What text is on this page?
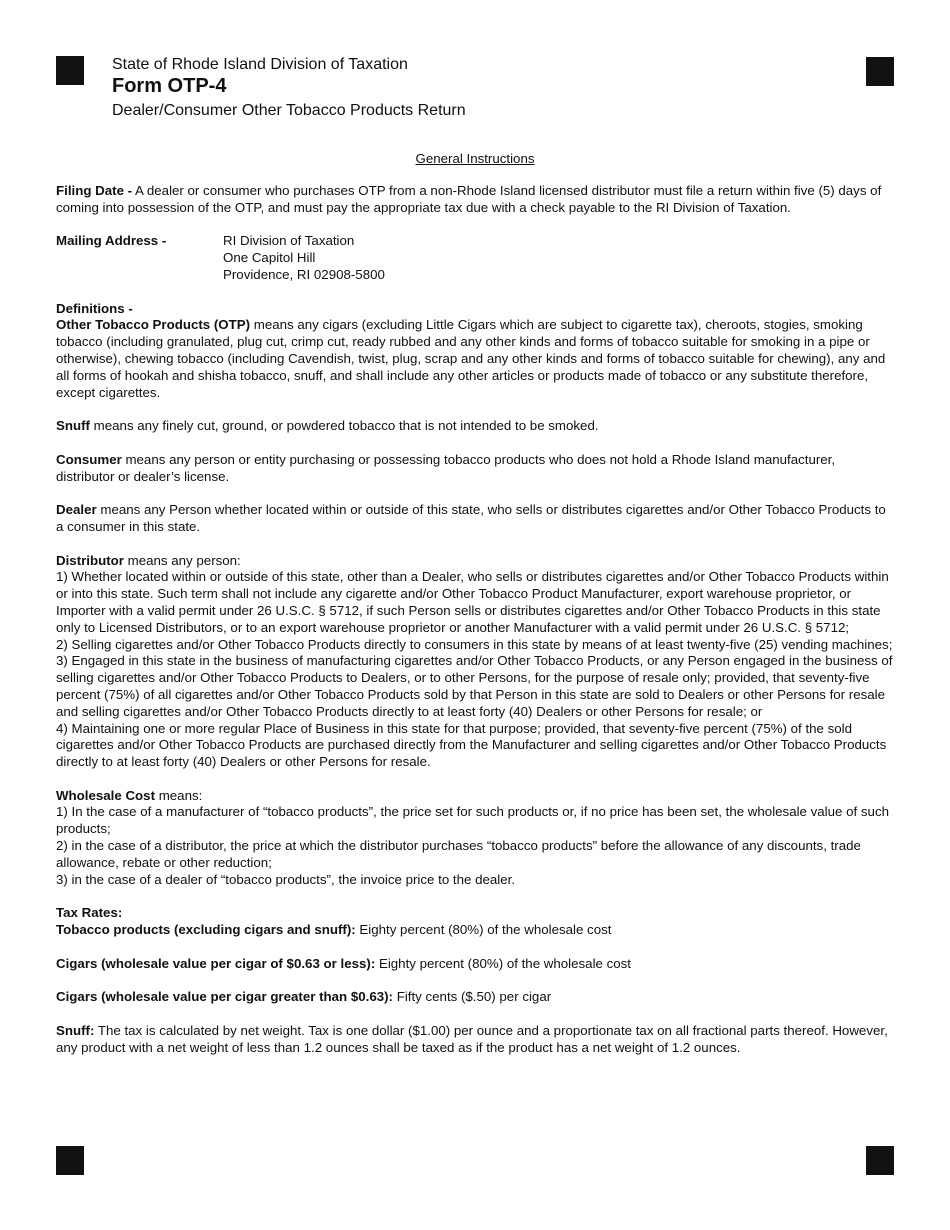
State of Rhode Island Division of Taxation
Form OTP-4
Dealer/Consumer Other Tobacco Products Return
General Instructions

Filing Date - A dealer or consumer who purchases OTP from a non-Rhode Island licensed distributor must file a return within five (5) days of coming into possession of the OTP, and must pay the appropriate tax due with a check payable to the RI Division of Taxation.

Mailing Address -	RI Division of Taxation
One Capitol Hill
Providence, RI 02908-5800

Definitions -

Other Tobacco Products (OTP) means any cigars (excluding Little Cigars which are subject to cigarette tax), cheroots, stogies, smoking tobacco (including granulated, plug cut, crimp cut, ready rubbed and any other kinds and forms of tobacco suitable for smoking in a pipe or otherwise), chewing tobacco (including Cavendish, twist, plug, scrap and any other kinds and forms of tobacco suitable for chewing), any and all forms of hookah and shisha tobacco, snuff, and shall include any other articles or products made of tobacco or any substitute therefore, except cigarettes.

Snuff means any finely cut, ground, or powdered tobacco that is not intended to be smoked.

Consumer means any person or entity purchasing or possessing tobacco products who does not hold a Rhode Island manufacturer, distributor or dealer’s license.

Dealer means any Person whether located within or outside of this state, who sells or distributes cigarettes and/or Other Tobacco Products to a consumer in this state.

Distributor means any person:

1) Whether located within or outside of this state, other than a Dealer, who sells or distributes cigarettes and/or Other Tobacco Products within or into this state. Such term shall not include any cigarette and/or Other Tobacco Product Manufacturer, export warehouse proprietor, or Importer with a valid permit under 26 U.S.C. § 5712, if such Person sells or distributes cigarettes and/or Other Tobacco Products in this state only to Licensed Distributors, or to an export warehouse proprietor or another Manufacturer with a valid permit under 26 U.S.C. § 5712;

2) Selling cigarettes and/or Other Tobacco Products directly to consumers in this state by means of at least twenty-five (25) vending machines;

3) Engaged in this state in the business of manufacturing cigarettes and/or Other Tobacco Products, or any Person engaged in the business of selling cigarettes and/or Other Tobacco Products to Dealers, or to other Persons, for the purpose of resale only; provided, that seventy-five percent (75%) of all cigarettes and/or Other Tobacco Products sold by that Person in this state are sold to Dealers or other Persons for resale and selling cigarettes and/or Other Tobacco Products directly to at least forty (40) Dealers or other Persons for resale; or

4) Maintaining one or more regular Place of Business in this state for that purpose; provided, that seventy-five percent (75%) of the sold cigarettes and/or Other Tobacco Products are purchased directly from the Manufacturer and selling cigarettes and/or Other Tobacco Products directly to at least forty (40) Dealers or other Persons for resale.

Wholesale Cost means:

1) In the case of a manufacturer of “tobacco products”, the price set for such products or, if no price has been set, the wholesale value of such products;

2) in the case of a distributor, the price at which the distributor purchases “tobacco products” before the allowance of any discounts, trade allowance, rebate or other reduction;

3) in the case of a dealer of “tobacco products”, the invoice price to the dealer.

Tax Rates:

Tobacco products (excluding cigars and snuff): Eighty percent (80%) of the wholesale cost

Cigars (wholesale value per cigar of $0.63 or less): Eighty percent (80%) of the wholesale cost

Cigars (wholesale value per cigar greater than $0.63): Fifty cents ($.50) per cigar

Snuff: The tax is calculated by net weight. Tax is one dollar ($1.00) per ounce and a proportionate tax on all fractional parts thereof. However, any product with a net weight of less than 1.2 ounces shall be taxed as if the product has a net weight of 1.2 ounces.
